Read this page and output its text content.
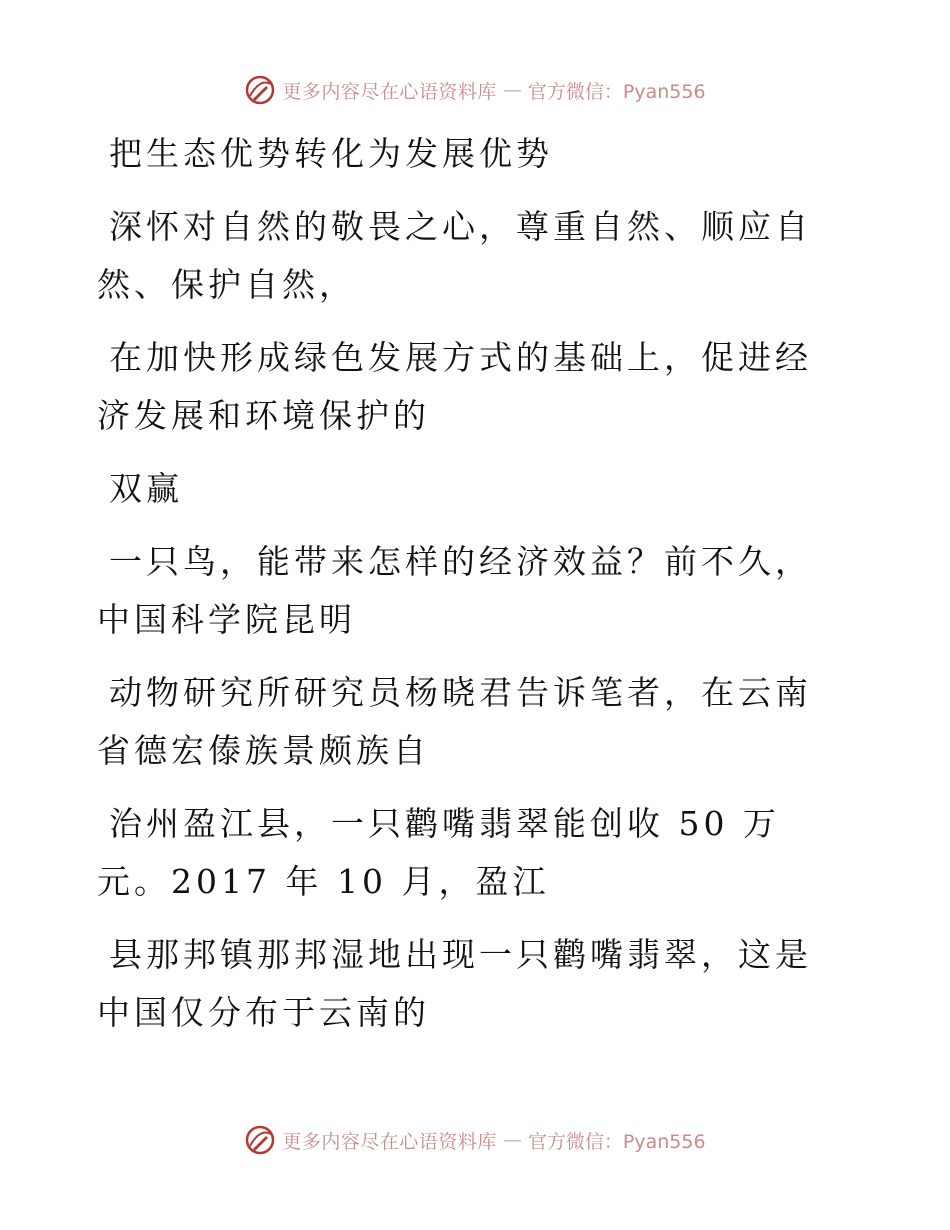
更多内容尽在心语资料库 — 官方微信：Pyan556

把生态优势转化为发展优势

深怀对自然的敬畏之心，尊重自然、顺应自然、保护自然，

在加快形成绿色发展方式的基础上，促进经济发展和环境保护的

双赢

一只鸟，能带来怎样的经济效益？前不久，中国科学院昆明

动物研究所研究员杨晓君告诉笔者，在云南省德宏傣族景颇族自

治州盈江县，一只鹳嘴翡翠能创收 50 万元。2017 年 10 月，盈江

县那邦镇那邦湿地出现一只鹳嘴翡翠，这是中国仅分布于云南的

更多内容尽在心语资料库 — 官方微信：Pyan556
